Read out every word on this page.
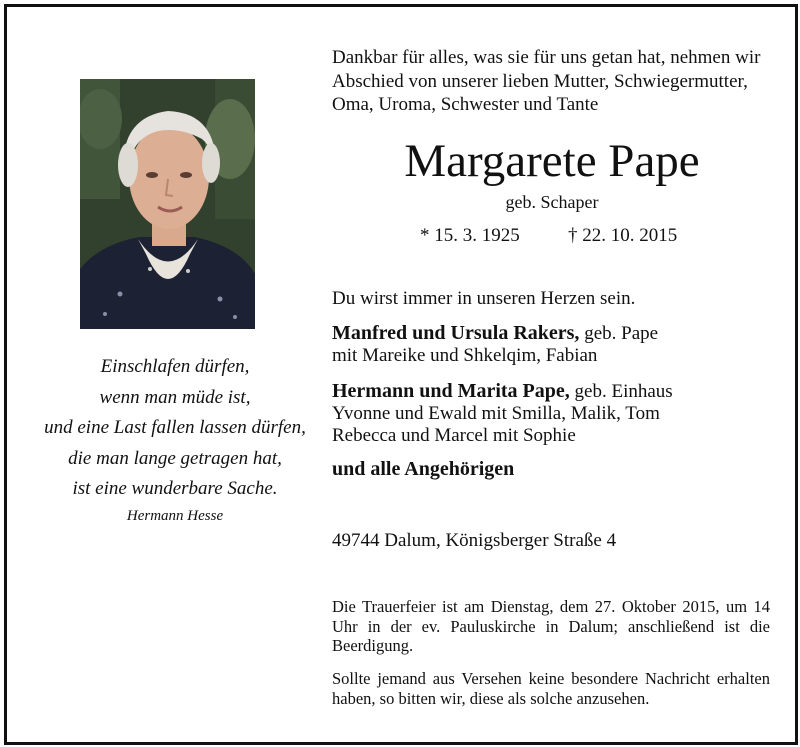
Einschlafen dürfen,
wenn man müde ist,
und eine Last fallen lassen dürfen,
die man lange getragen hat,
ist eine wunderbare Sache.
Hermann Hesse
Dankbar für alles, was sie für uns getan hat, nehmen wir
Abschied von unserer lieben Mutter, Schwiegermutter,
Oma, Uroma, Schwester und Tante
Margarete Pape
geb. Schaper
* 15. 3. 1925	† 22. 10. 2015
Du wirst immer in unseren Herzen sein.
Manfred und Ursula Rakers, geb. Pape
mit Mareike und Shkelqim, Fabian
Hermann und Marita Pape, geb. Einhaus
Yvonne und Ewald mit Smilla, Malik, Tom
Rebecca und Marcel mit Sophie
und alle Angehörigen
49744 Dalum, Königsberger Straße 4
Die Trauerfeier ist am Dienstag, dem 27. Oktober 2015, um 14 Uhr in der ev. Pauluskirche in Dalum; anschließend ist die Beerdigung.
Sollte jemand aus Versehen keine besondere Nachricht erhalten haben, so bitten wir, diese als solche anzusehen.
